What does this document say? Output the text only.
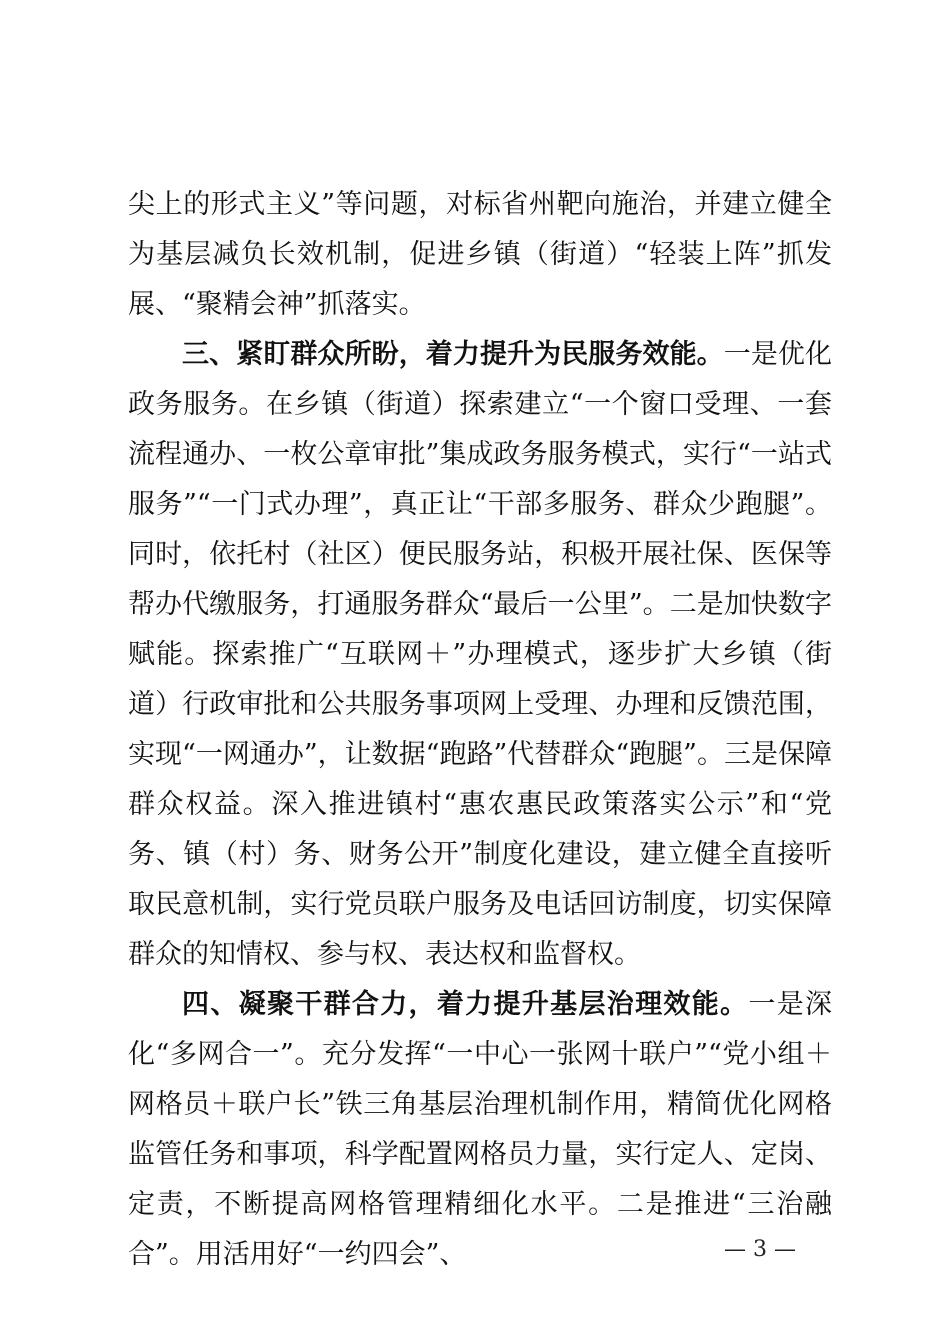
尖上的形式主义”等问题，对标省州靶向施治，并建立健全为基层减负长效机制，促进乡镇（街道）“轻装上阵”抓发展、“聚精会神”抓落实。

三、紧盯群众所盼，着力提升为民服务效能。一是优化政务服务。在乡镇（街道）探索建立“一个窗口受理、一套流程通办、一枚公章审批”集成政务服务模式，实行“一站式服务”“一门式办理”，真正让“干部多服务、群众少跑腿”。同时，依托村（社区）便民服务站，积极开展社保、医保等帮办代缴服务，打通服务群众“最后一公里”。二是加快数字赋能。探索推广“互联网＋”办理模式，逐步扩大乡镇（街道）行政审批和公共服务事项网上受理、办理和反馈范围，实现“一网通办”，让数据“跑路”代替群众“跑腿”。三是保障群众权益。深入推进镇村“惠农惠民政策落实公示”和“党务、镇（村）务、财务公开”制度化建设，建立健全直接听取民意机制，实行党员联户服务及电话回访制度，切实保障群众的知情权、参与权、表达权和监督权。

四、凝聚干群合力，着力提升基层治理效能。一是深化“多网合一”。充分发挥“一中心一张网十联户”“党小组＋网格员＋联户长”铁三角基层治理机制作用，精简优化网格监管任务和事项，科学配置网格员力量，实行定人、定岗、定责，不断提高网格管理精细化水平。二是推进“三治融合”。用活用好“一约四会”、	— 3 —
